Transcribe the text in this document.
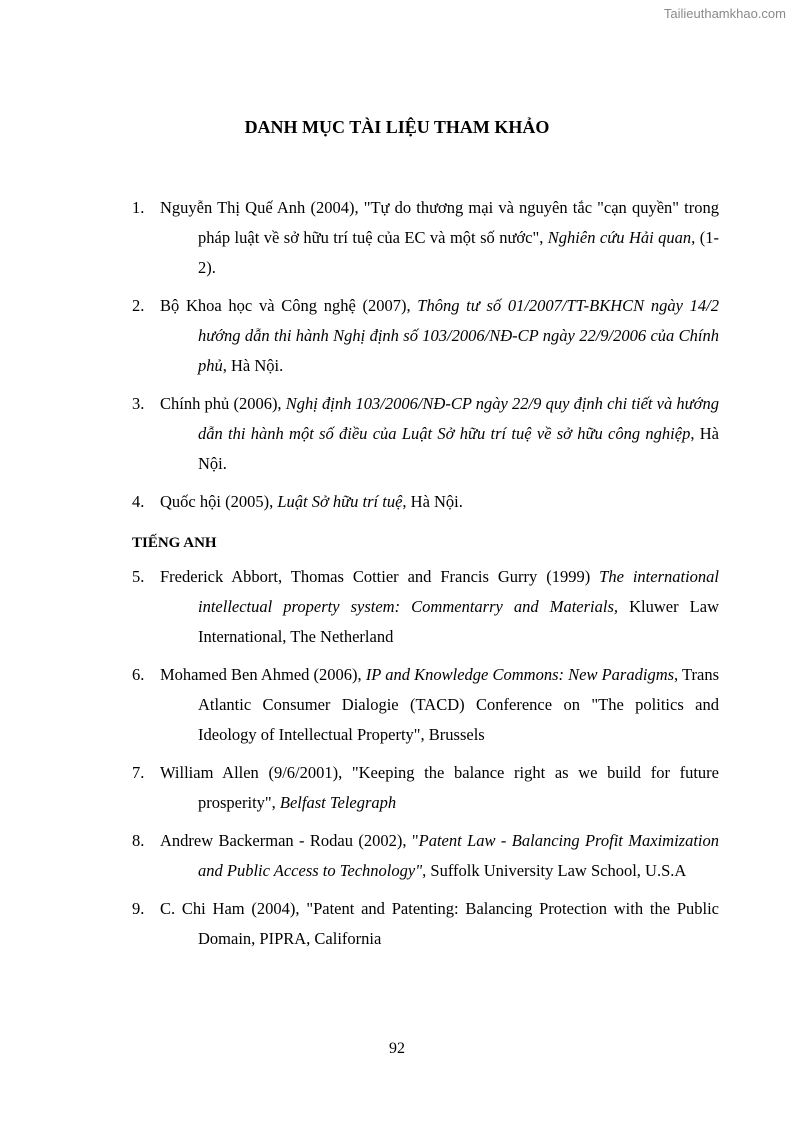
Tailieuthamkhao.com
DANH MỤC TÀI LIỆU THAM KHẢO
1. Nguyễn Thị Quế Anh (2004), "Tự do thương mại và nguyên tắc "cạn quyền" trong pháp luật về sở hữu trí tuệ của EC và một số nước", Nghiên cứu Hải quan, (1-2).
2. Bộ Khoa học và Công nghệ (2007), Thông tư số 01/2007/TT-BKHCN ngày 14/2 hướng dẫn thi hành Nghị định số 103/2006/NĐ-CP ngày 22/9/2006 của Chính phủ, Hà Nội.
3. Chính phủ (2006), Nghị định 103/2006/NĐ-CP ngày 22/9 quy định chi tiết và hướng dẫn thi hành một số điều của Luật Sở hữu trí tuệ về sở hữu công nghiệp, Hà Nội.
4. Quốc hội (2005), Luật Sở hữu trí tuệ, Hà Nội.
TIẾNG ANH
5. Frederick Abbort, Thomas Cottier and Francis Gurry (1999) The international intellectual property system: Commentarry and Materials, Kluwer Law International, The Netherland
6. Mohamed Ben Ahmed (2006), IP and Knowledge Commons: New Paradigms, Trans Atlantic Consumer Dialogie (TACD) Conference on "The politics and Ideology of Intellectual Property", Brussels
7. William Allen (9/6/2001), "Keeping the balance right as we build for future prosperity", Belfast Telegraph
8. Andrew Backerman - Rodau (2002), "Patent Law - Balancing Profit Maximization and Public Access to Technology", Suffolk University Law School, U.S.A
9. C. Chi Ham (2004), "Patent and Patenting: Balancing Protection with the Public Domain, PIPRA, California
92
